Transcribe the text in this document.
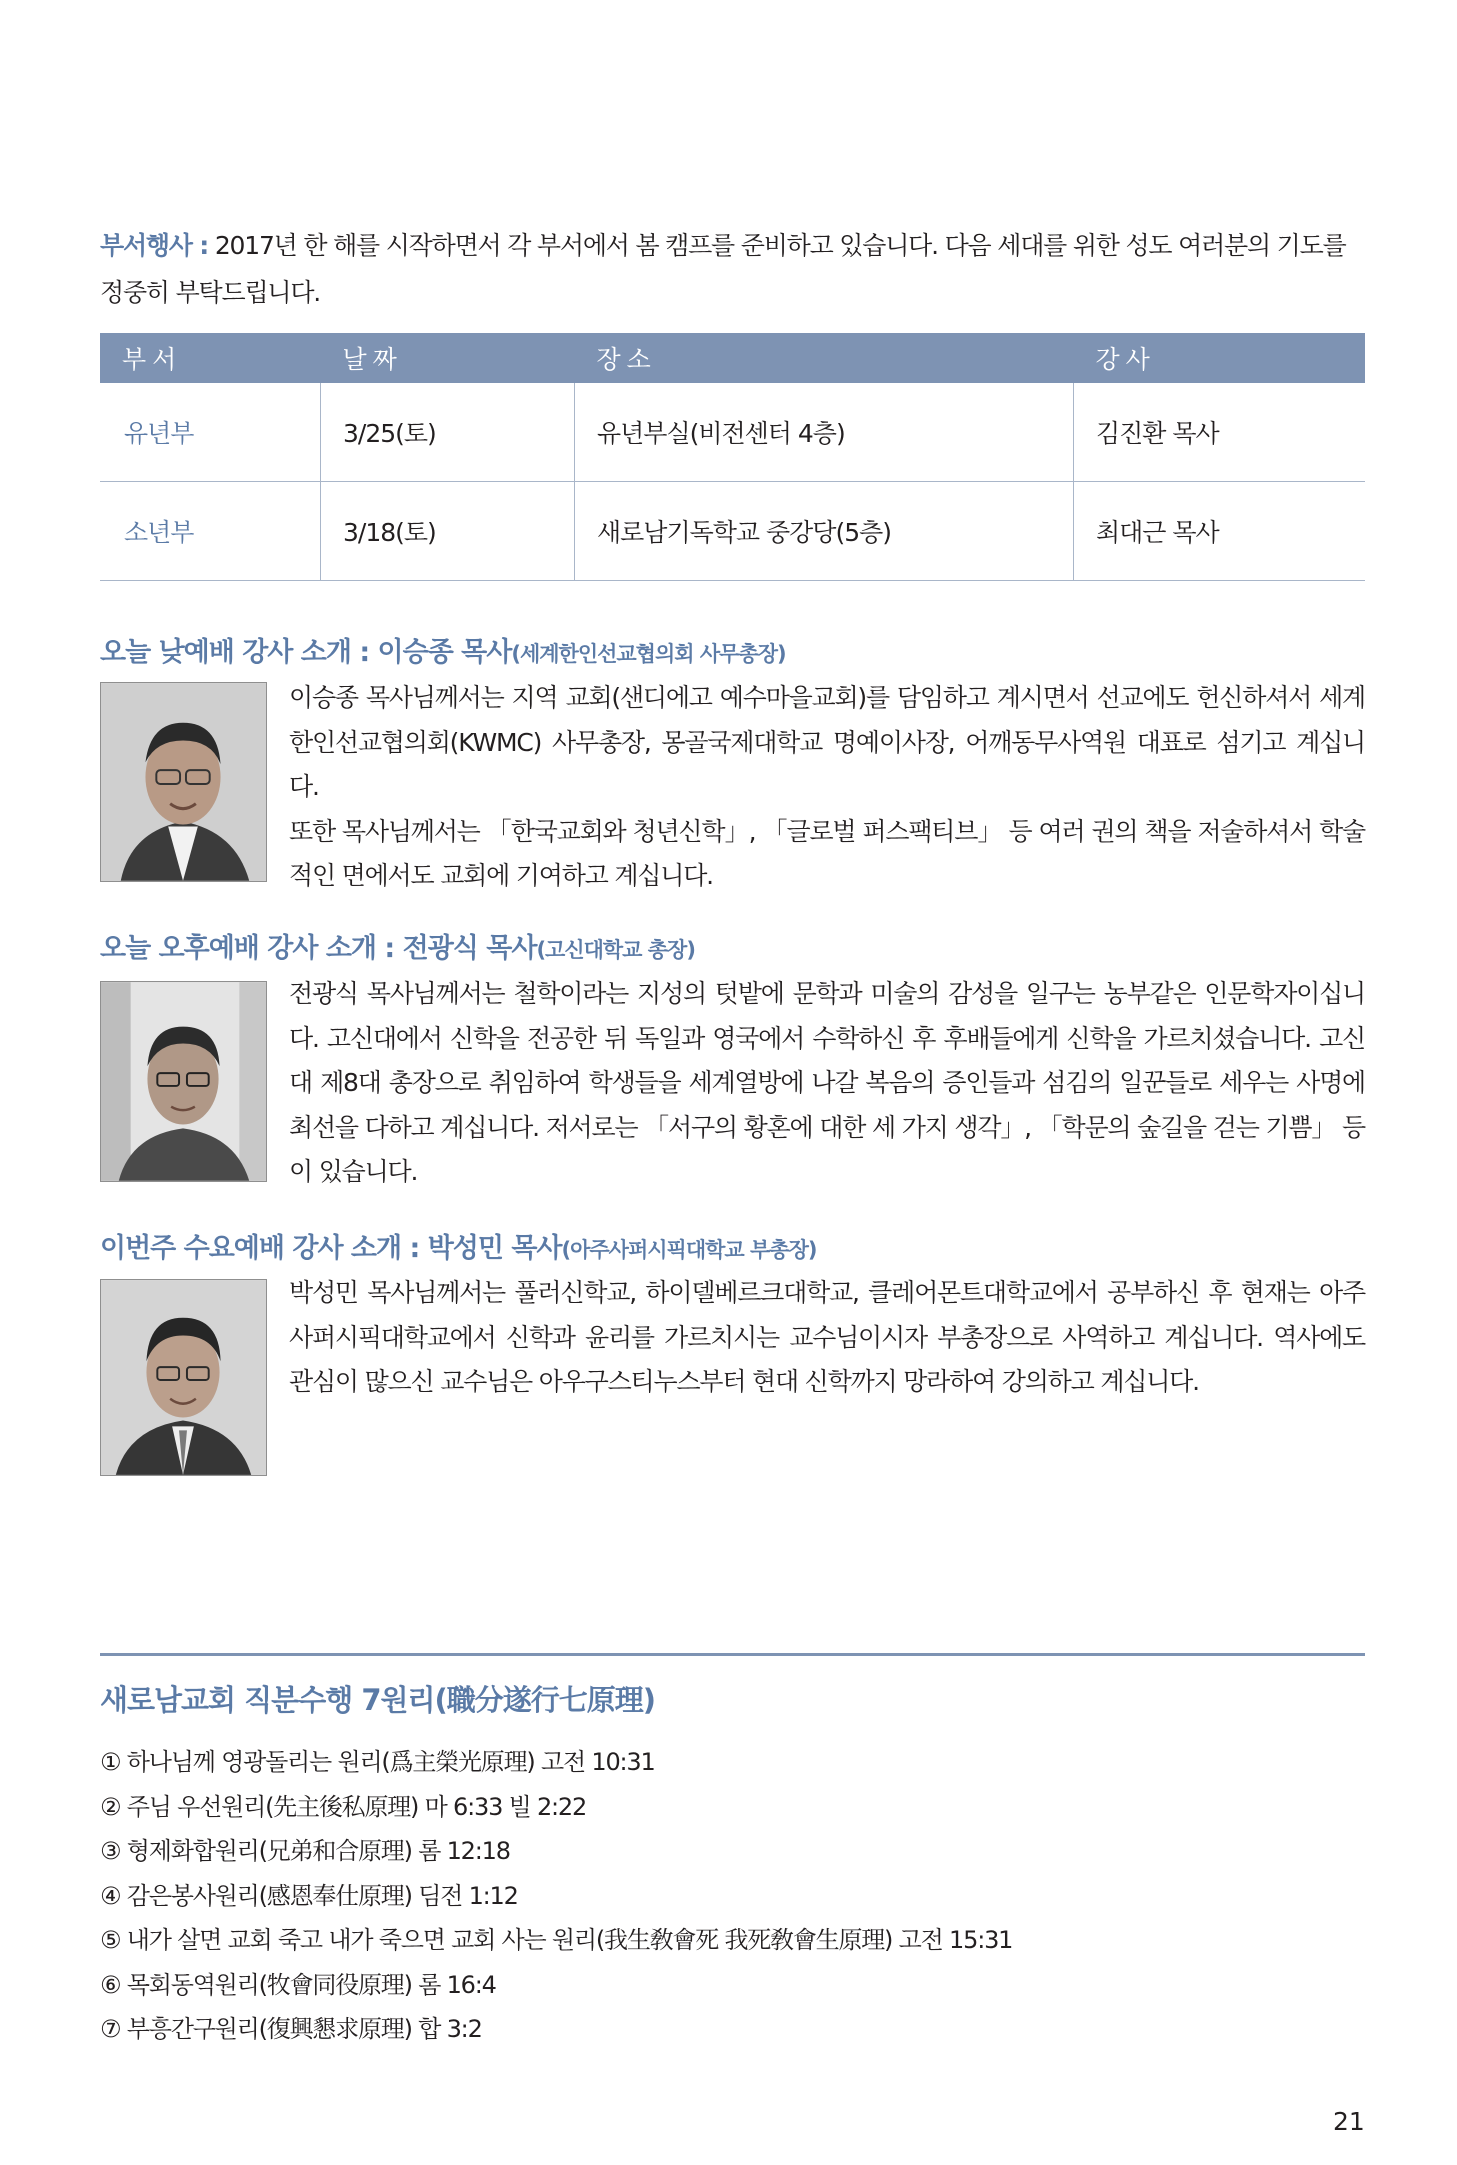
부서행사 : 2017년 한 해를 시작하면서 각 부서에서 봄 캠프를 준비하고 있습니다. 다음 세대를 위한 성도 여러분의 기도를 정중히 부탁드립니다.
부서	날짜	장소	강사
유년부	3/25(토)	유년부실(비전센터 4층)	김진환 목사
소년부	3/18(토)	새로남기독학교 중강당(5층)	최대근 목사
오늘 낮예배 강사 소개 : 이승종 목사(세계한인선교협의회 사무총장)
이승종 목사님께서는 지역 교회(샌디에고 예수마을교회)를 담임하고 계시면서 선교에도 헌신하셔서 세계한인선교협의회(KWMC) 사무총장, 몽골국제대학교 명예이사장, 어깨동무사역원 대표로 섬기고 계십니다.
또한 목사님께서는 「한국교회와 청년신학」, 「글로벌 퍼스팩티브」 등 여러 권의 책을 저술하셔서 학술적인 면에서도 교회에 기여하고 계십니다.
오늘 오후예배 강사 소개 : 전광식 목사(고신대학교 총장)
전광식 목사님께서는 철학이라는 지성의 텃밭에 문학과 미술의 감성을 일구는 농부같은 인문학자이십니다. 고신대에서 신학을 전공한 뒤 독일과 영국에서 수학하신 후 후배들에게 신학을 가르치셨습니다. 고신대 제8대 총장으로 취임하여 학생들을 세계열방에 나갈 복음의 증인들과 섬김의 일꾼들로 세우는 사명에 최선을 다하고 계십니다. 저서로는 「서구의 황혼에 대한 세 가지 생각」, 「학문의 숲길을 걷는 기쁨」 등이 있습니다.
이번주 수요예배 강사 소개 : 박성민 목사(아주사퍼시픽대학교 부총장)
박성민 목사님께서는 풀러신학교, 하이델베르크대학교, 클레어몬트대학교에서 공부하신 후 현재는 아주사퍼시픽대학교에서 신학과 윤리를 가르치시는 교수님이시자 부총장으로 사역하고 계십니다. 역사에도 관심이 많으신 교수님은 아우구스티누스부터 현대 신학까지 망라하여 강의하고 계십니다.
새로남교회 직분수행 7원리(職分遂行七原理)
① 하나님께 영광돌리는 원리(爲主榮光原理) 고전 10:31
② 주님 우선원리(先主後私原理) 마 6:33 빌 2:22
③ 형제화합원리(兄弟和合原理) 롬 12:18
④ 감은봉사원리(感恩奉仕原理) 딤전 1:12
⑤ 내가 살면 교회 죽고 내가 죽으면 교회 사는 원리(我生敎會死 我死敎會生原理) 고전 15:31
⑥ 목회동역원리(牧會同役原理) 롬 16:4
⑦ 부흥간구원리(復興懇求原理) 합 3:2
21
